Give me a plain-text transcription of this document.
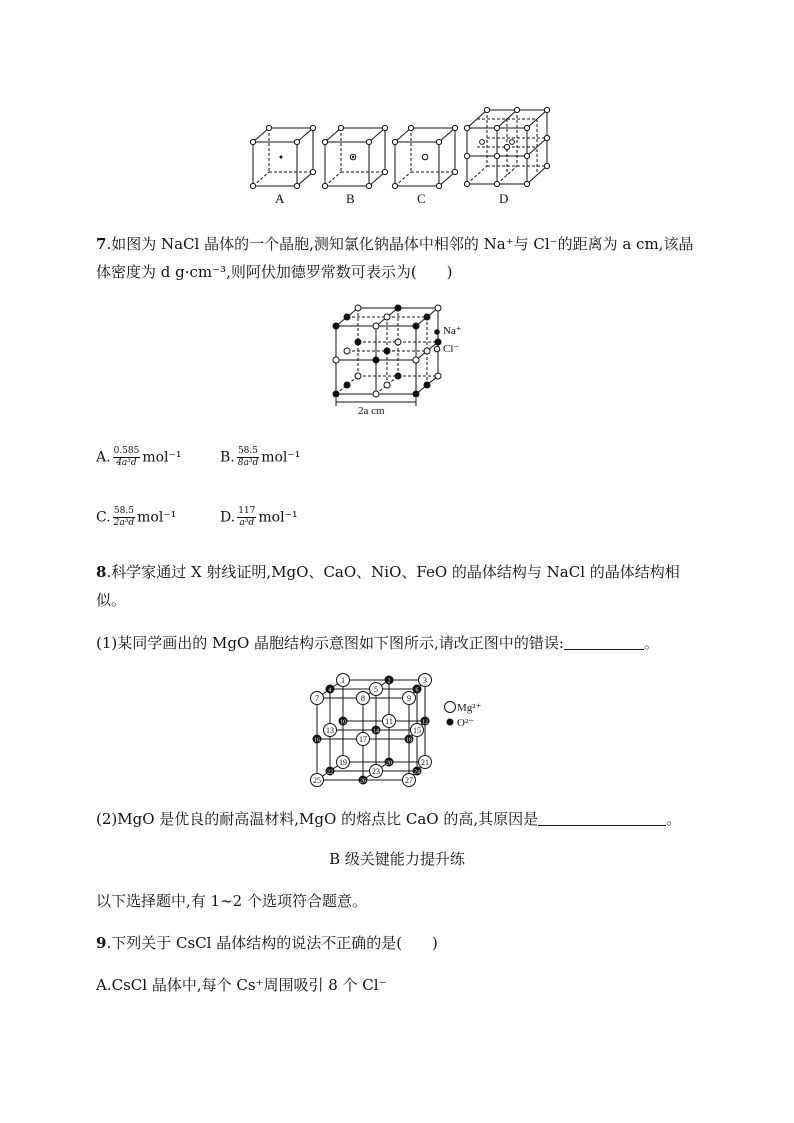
A	B	C	D
7.如图为 NaCl 晶体的一个晶胞,测知氯化钠晶体中相邻的 Na⁺与 Cl⁻的距离为 a cm,该晶
体密度为 d g·cm⁻³,则阿伏加德罗常数可表示为(　　)
Na⁺
Cl⁻
2a cm
A. $\frac{0.585}{\text{4a³d}} mol^{-1}$	B. $\frac{58.5}{\text{8a³d}} mol^{-1}$
C. $\frac{58.5}{\text{2a³d}} mol^{-1}$	D. $\frac{117}{\text{a³d}} mol^{-1}$
8.科学家通过 X 射线证明,MgO、CaO、NiO、FeO 的晶体结构与 NaCl 的晶体结构相
似。
(1)某同学画出的 MgO 晶胞结构示意图如下图所示,请改正图中的错误:	。
1	2	3
4	5	6
7	8	9
10	11	12
13	14	15
16	17	18
19	20	21
22	23	24
25	26	27
Mg²⁺
O²⁻
(2)MgO 是优良的耐高温材料,MgO 的熔点比 CaO 的高,其原因是	。
B 级关键能力提升练
以下选择题中,有 1~2 个选项符合题意。
9.下列关于 CsCl 晶体结构的说法不正确的是(　　)
A.CsCl 晶体中,每个 Cs⁺周围吸引 8 个 Cl⁻
